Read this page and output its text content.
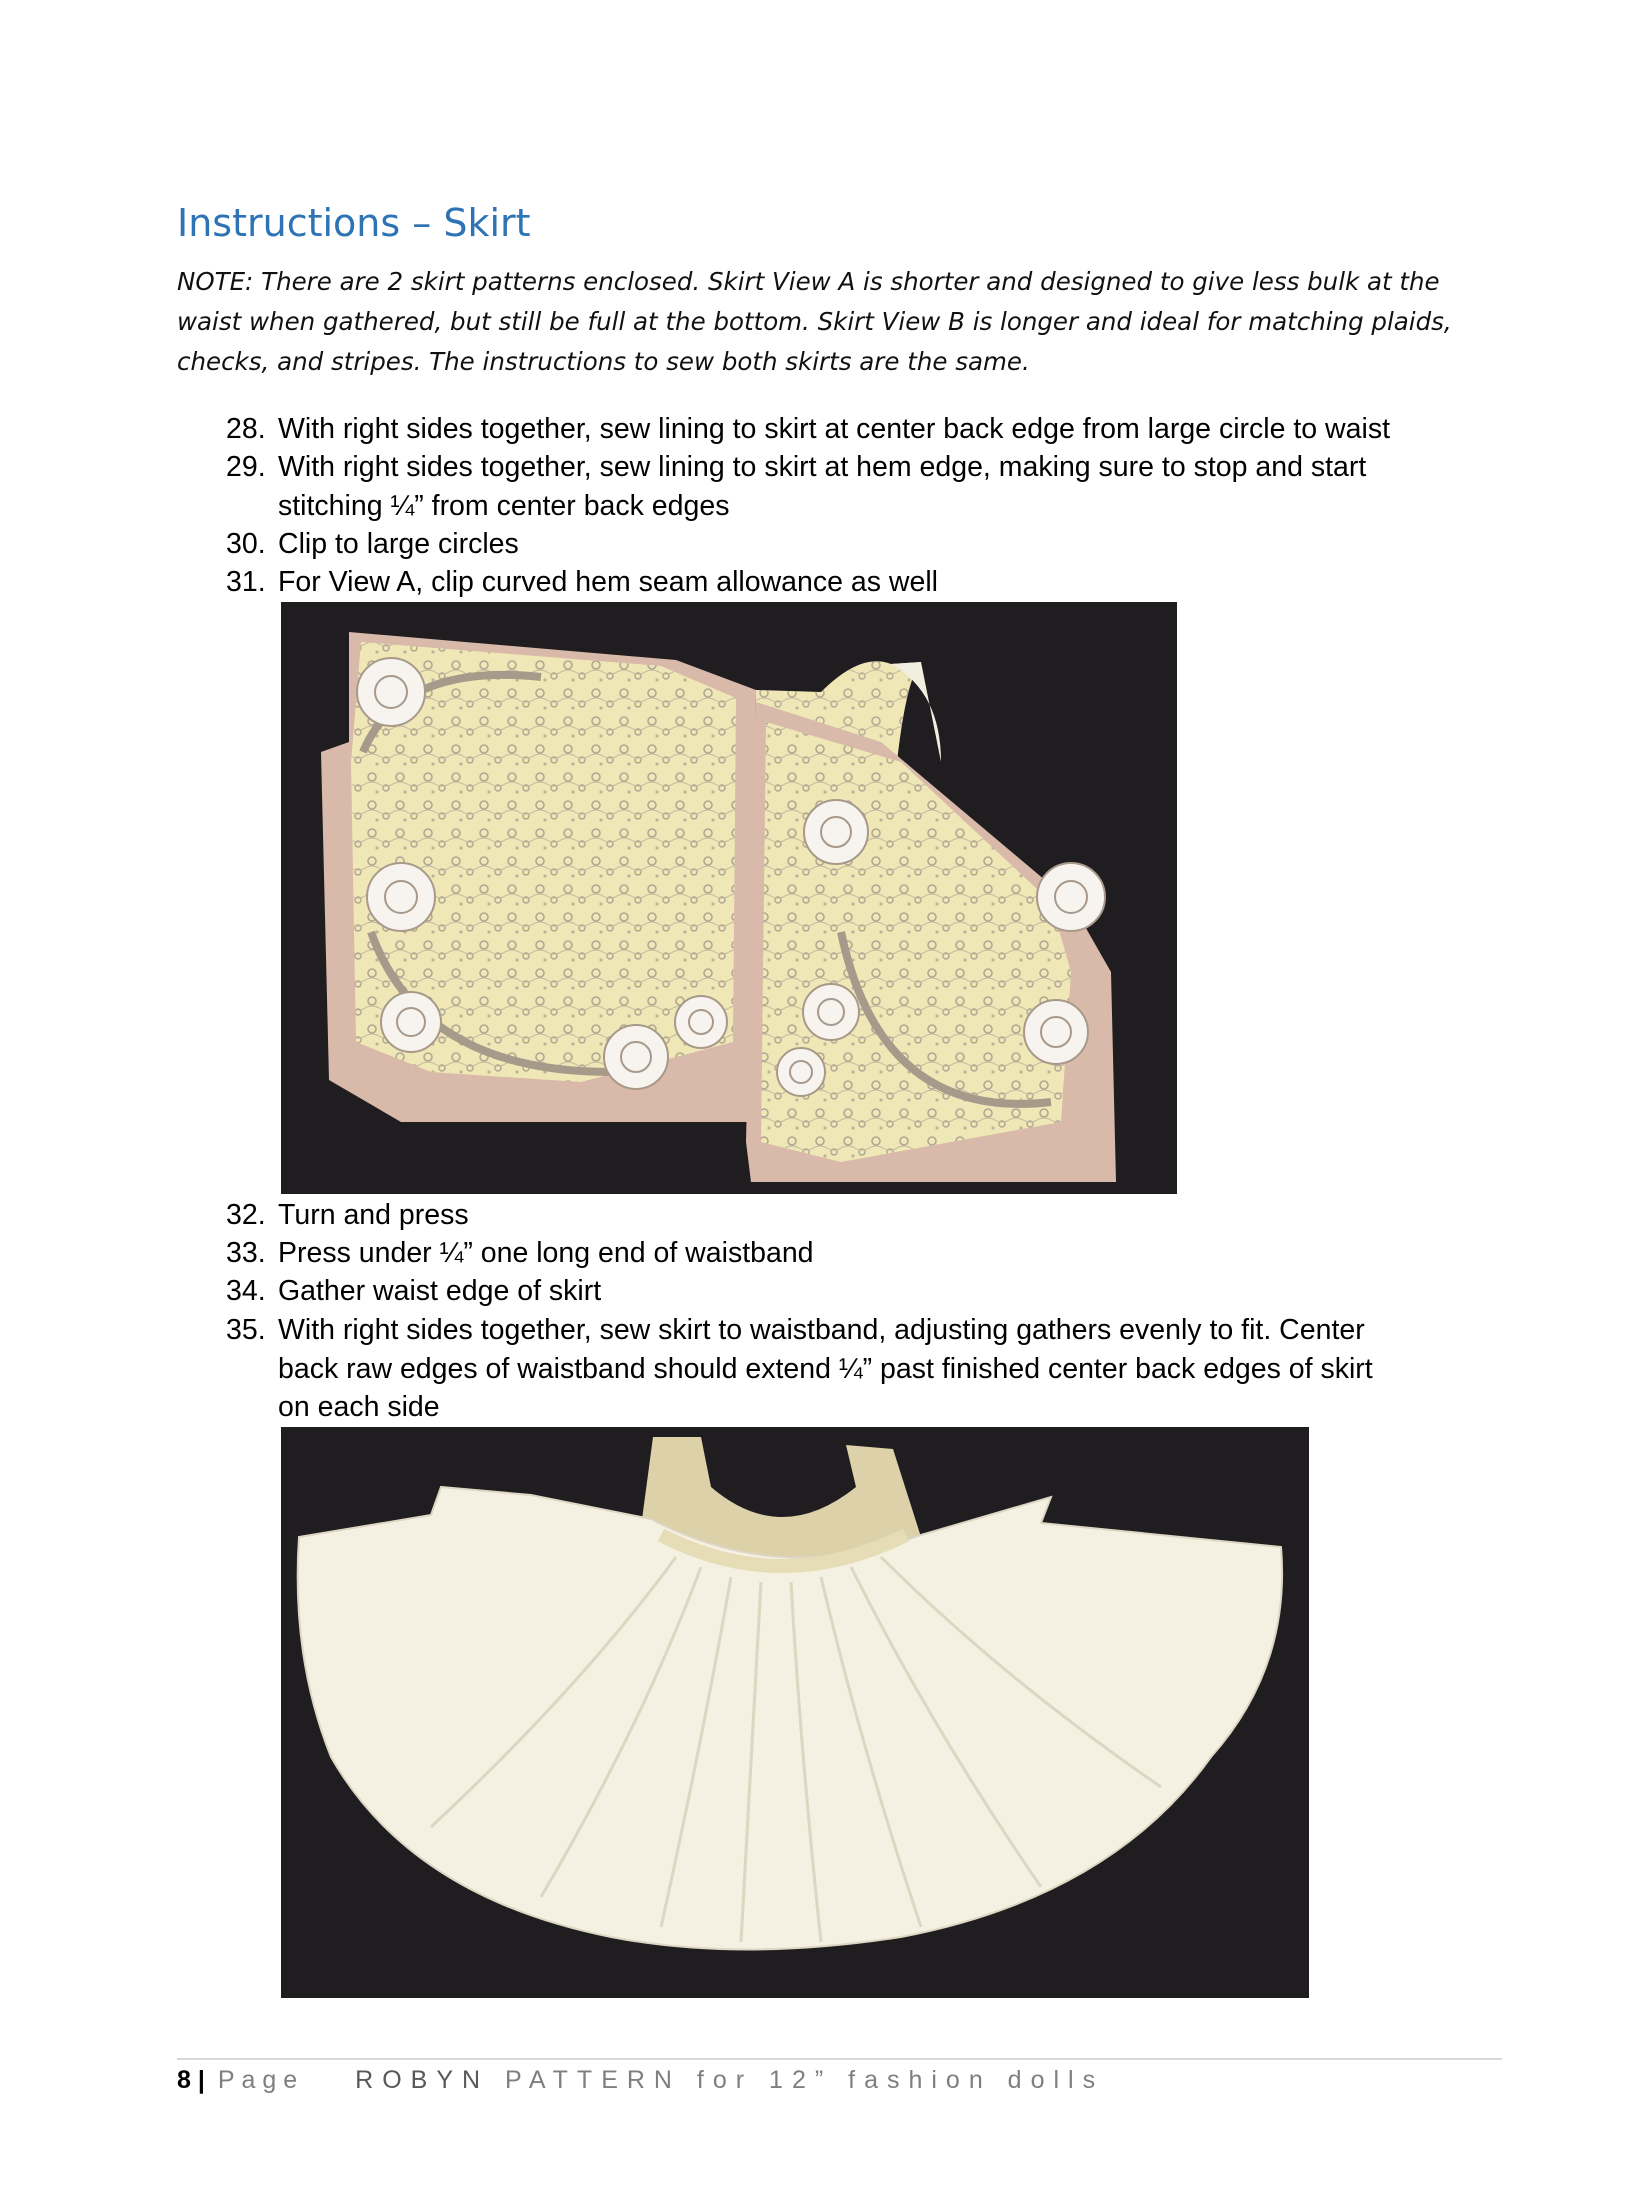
Instructions – Skirt

NOTE: There are 2 skirt patterns enclosed. Skirt View A is shorter and designed to give less bulk at the waist when gathered, but still be full at the bottom. Skirt View B is longer and ideal for matching plaids, checks, and stripes. The instructions to sew both skirts are the same.

28. With right sides together, sew lining to skirt at center back edge from large circle to waist
29. With right sides together, sew lining to skirt at hem edge, making sure to stop and start
stitching ¼” from center back edges
30. Clip to large circles
31. For View A, clip curved hem seam allowance as well
32. Turn and press
33. Press under ¼” one long end of waistband
34. Gather waist edge of skirt
35. With right sides together, sew skirt to waistband, adjusting gathers evenly to fit. Center
back raw edges of waistband should extend ¼” past finished center back edges of skirt
on each side
8 | Page ROBYN PATTERN for 12” fashion dolls
